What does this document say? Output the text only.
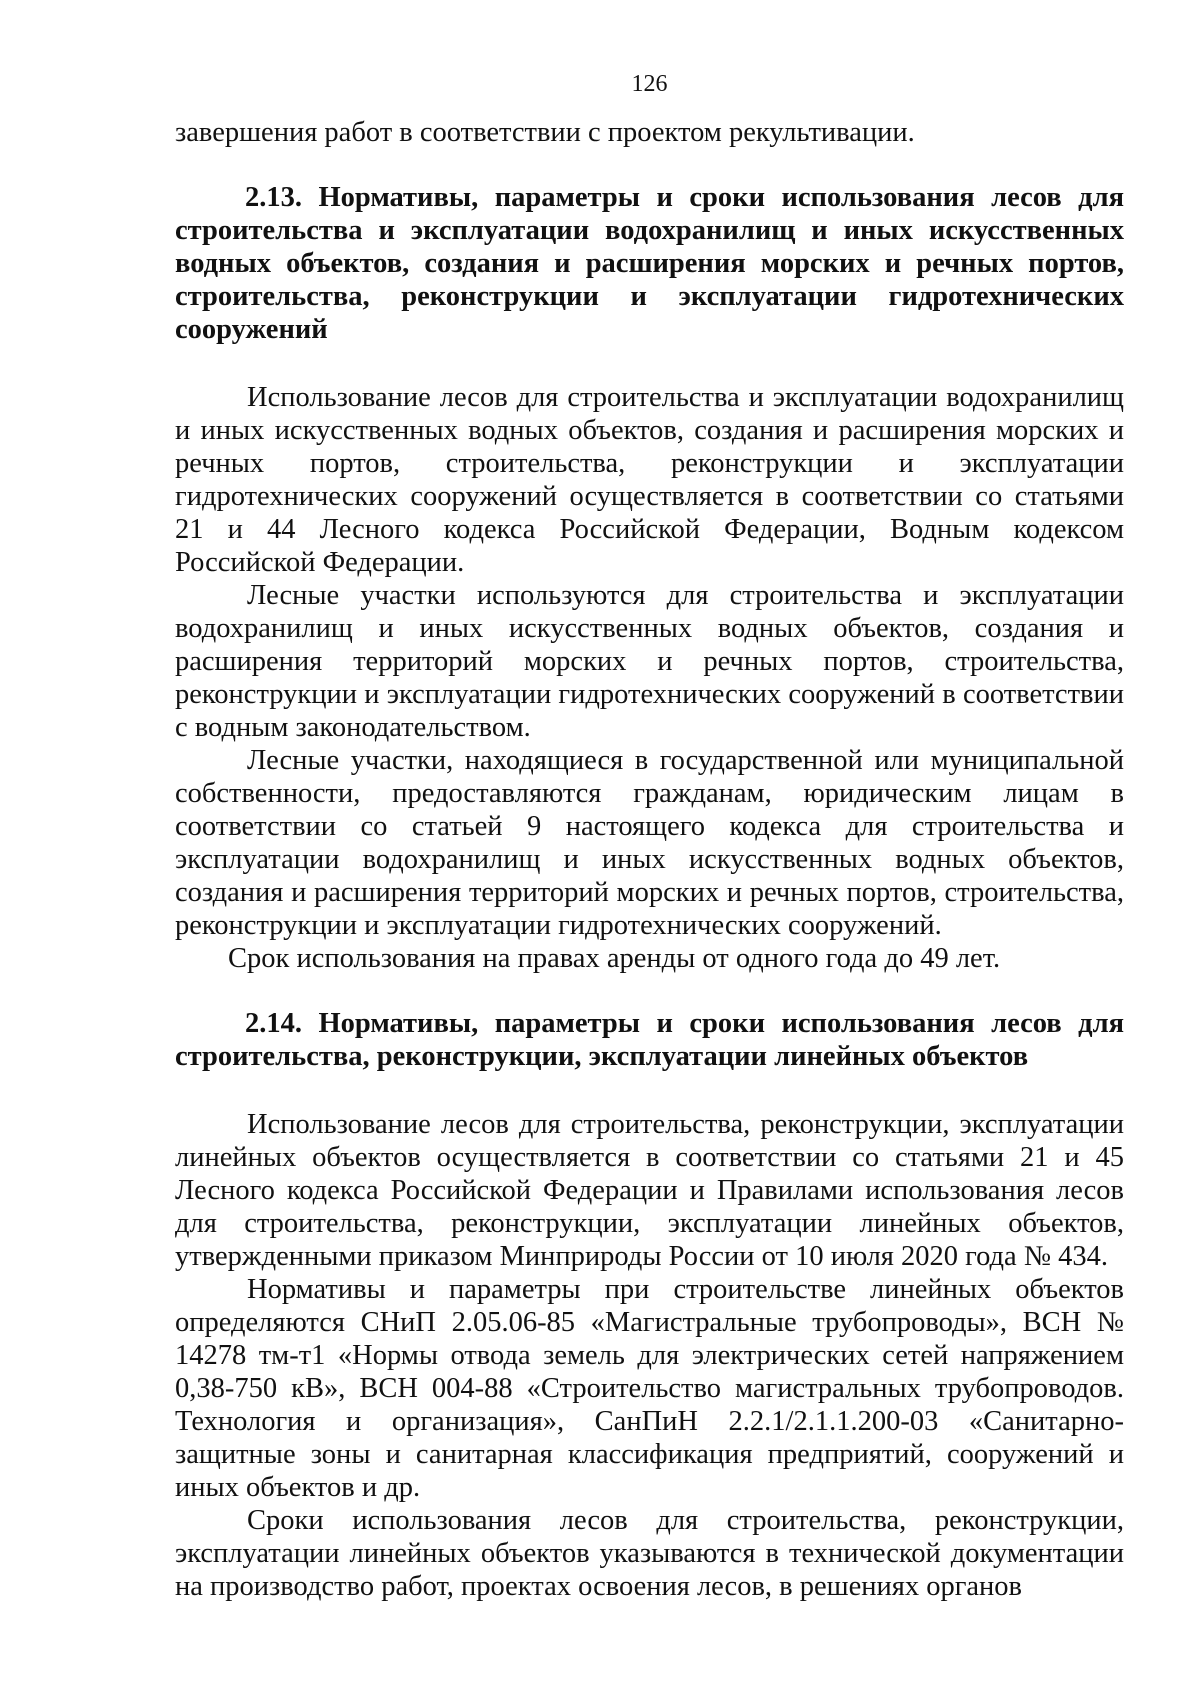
126

завершения работ в соответствии с проектом рекультивации.

2.13. Нормативы, параметры и сроки использования лесов для строительства и эксплуатации водохранилищ и иных искусственных водных объектов, создания и расширения морских и речных портов, строительства, реконструкции и эксплуатации гидротехнических сооружений

Использование лесов для строительства и эксплуатации водохранилищ и иных искусственных водных объектов, создания и расширения морских и речных портов, строительства, реконструкции и эксплуатации гидротехнических сооружений осуществляется в соответствии со статьями 21 и 44 Лесного кодекса Российской Федерации, Водным кодексом Российской Федерации.

Лесные участки используются для строительства и эксплуатации водохранилищ и иных искусственных водных объектов, создания и расширения территорий морских и речных портов, строительства, реконструкции и эксплуатации гидротехнических сооружений в соответствии с водным законодательством.

Лесные участки, находящиеся в государственной или муниципальной собственности, предоставляются гражданам, юридическим лицам в соответствии со статьей 9 настоящего кодекса для строительства и эксплуатации водохранилищ и иных искусственных водных объектов, создания и расширения территорий морских и речных портов, строительства, реконструкции и эксплуатации гидротехнических сооружений.

Срок использования на правах аренды от одного года до 49 лет.

2.14. Нормативы, параметры и сроки использования лесов для строительства, реконструкции, эксплуатации линейных объектов

Использование лесов для строительства, реконструкции, эксплуатации линейных объектов осуществляется в соответствии со статьями 21 и 45 Лесного кодекса Российской Федерации и Правилами использования лесов для строительства, реконструкции, эксплуатации линейных объектов, утвержденными приказом Минприроды России от 10 июля 2020 года № 434.

Нормативы и параметры при строительстве линейных объектов определяются СНиП 2.05.06-85 «Магистральные трубопроводы», ВСН № 14278 тм-т1 «Нормы отвода земель для электрических сетей напряжением 0,38-750 кВ», ВСН 004-88 «Строительство магистральных трубопроводов. Технология и организация», СанПиН 2.2.1/2.1.1.200-03 «Санитарно-защитные зоны и санитарная классификация предприятий, сооружений и иных объектов и др.

Сроки использования лесов для строительства, реконструкции, эксплуатации линейных объектов указываются в технической документации на производство работ, проектах освоения лесов, в решениях органов
